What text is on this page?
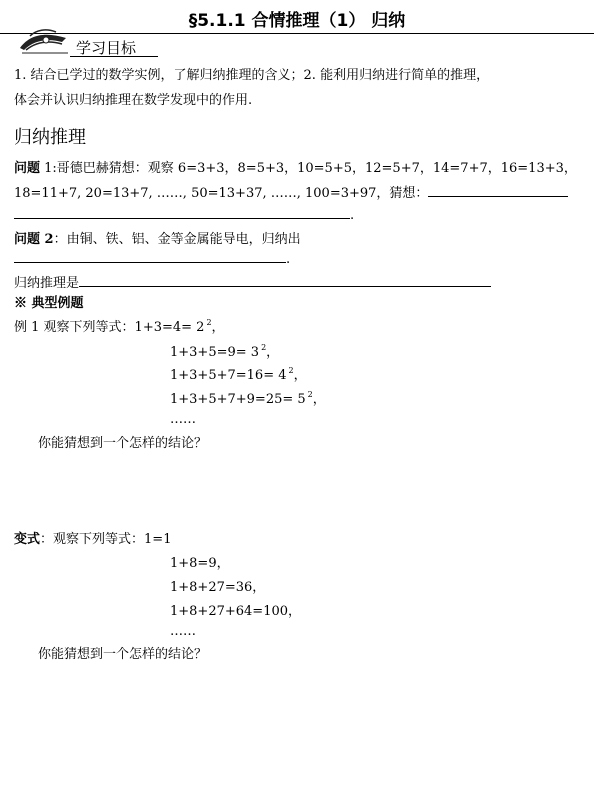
§5.1.1 合情推理（1） 归纳
学习目标
1. 结合已学过的数学实例，了解归纳推理的含义；2. 能利用归纳进行简单的推理，
体会并认识归纳推理在数学发现中的作用.
归纳推理
问题 1:哥德巴赫猜想：观察 6=3+3，8=5+3，10=5+5，12=5+7，14=7+7，16=13+3，
18=11+7, 20=13+7, ……, 50=13+37, ……, 100=3+97，猜想：
.
问题 2：由铜、铁、铝、金等金属能导电，归纳出
.
归纳推理是
※ 典型例题
例 1 观察下列等式：1+3=4= 2 $^2$，
1+3+5=9= 3 $^2$，
1+3+5+7=16= 4 $^2$，
1+3+5+7+9=25= 5 $^2$，
……
你能猜想到一个怎样的结论？
变式：观察下列等式：1=1
1+8=9，
1+8+27=36，
1+8+27+64=100，
……
你能猜想到一个怎样的结论？
